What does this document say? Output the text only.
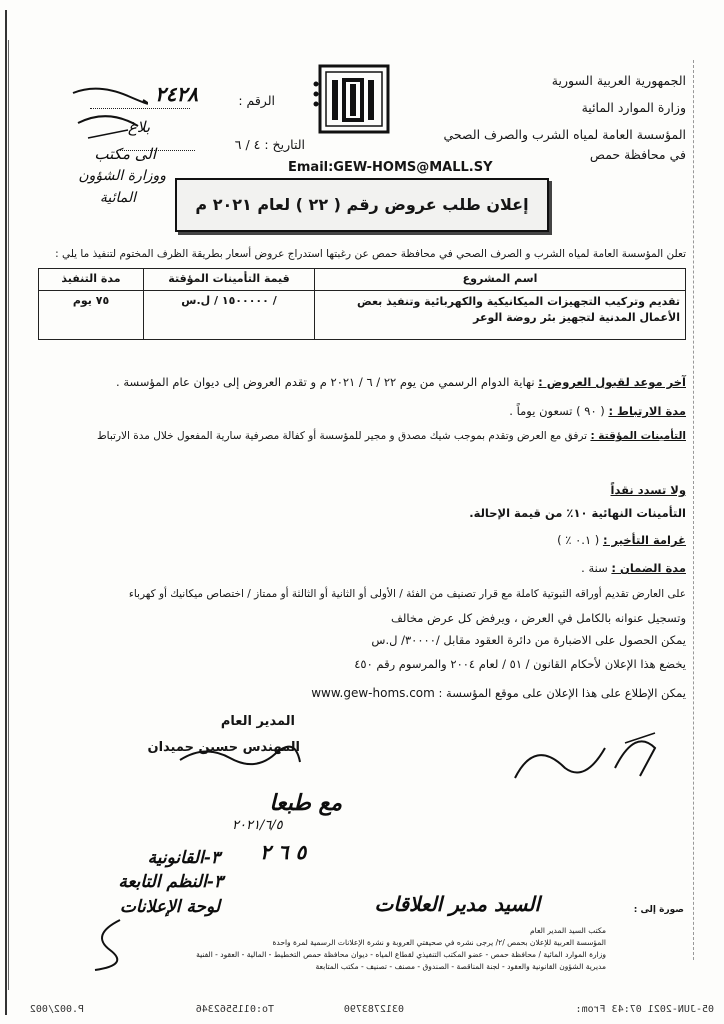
الجمهورية العربية السورية
وزارة الموارد المائية
المؤسسة العامة لمياه الشرب والصرف الصحي
في محافظة حمص
الرقم :
٢٤٢٨
التاريخ : ٤ / ٦
بلاغ
الى مكتب
ووزارة الشؤون
المائية
Email:GEW-HOMS@MALL.SY
إعلان طلب عروض رقم ( ٢٢ ) لعام ٢٠٢١ م
تعلن المؤسسة العامة لمياه الشرب و الصرف الصحي في محافظة حمص عن رغبتها استدراج عروض أسعار بطريقة الظرف المختوم لتنفيذ ما يلي :
اسم المشروع	قيمة التأمينات المؤقتة	مدة التنفيذ
تقديم وتركيب التجهيزات الميكانيكية والكهربائية وتنفيذ بعض الأعمال المدنية لتجهيز بئر روضة الوعر	/ ١٥٠٠٠٠٠ / ل.س	٧٥ يوم
آخر موعد لقبول العروض : نهاية الدوام الرسمي من يوم ٢٢ / ٦ / ٢٠٢١ م و تقدم العروض إلى ديوان عام المؤسسة .
مدة الارتباط : ( ٩٠ ) تسعون يوماً .
التأمينات المؤقتة : ترفق مع العرض وتقدم بموجب شيك مصدق و مجير للمؤسسة أو كفالة مصرفية سارية المفعول خلال مدة الارتباط
ولا تسدد نقداً
التأمينات النهائية ١٠٪ من قيمة الإحالة.
غرامة التأخير : ( ٠.١ ٪ )
مدة الضمان : سنة .
على العارض تقديم أوراقه الثبوتية كاملة مع قرار تصنيف من الفئة / الأولى أو الثانية أو الثالثة أو ممتاز / اختصاص ميكانيك أو كهرباء
وتسجيل عنوانه بالكامل في العرض ، ويرفض كل عرض مخالف
يمكن الحصول على الاضبارة من دائرة العقود مقابل /٣٠٠٠٠/ ل.س
يخضع هذا الإعلان لأحكام القانون / ٥١ / لعام ٢٠٠٤ والمرسوم رقم ٤٥٠
يمكن الإطلاع على هذا الإعلان على موقع المؤسسة : www.gew-homs.com
المدير العام
المهندس حسين حميدان
مع طبعا
٢٠٢١/٦/٥
٥ ٦ ٢
٣-القانونية
٣-النظم التابعة
لوحة الإعلانات	السيد مدير العلاقات	صورة إلى :
مكتب السيد المدير العام
المؤسسة العربية للإعلان بحمص /٢/ يرجى نشره في صحيفتي العروبة و نشرة الإعلانات الرسمية لمرة واحدة
وزارة الموارد المائية / محافظة حمص - عضو المكتب التنفيذي لقطاع المياه - ديوان محافظة حمص التخطيط - المالية - العقود - الفنية
مديرية الشؤون القانونية والعقود - لجنة المناقصة - الصندوق - مصنف - تصنيف - مكتب المتابعة
05-JUN-2021 07:43 From:
0312783790
To:0115562346
P.002/002
